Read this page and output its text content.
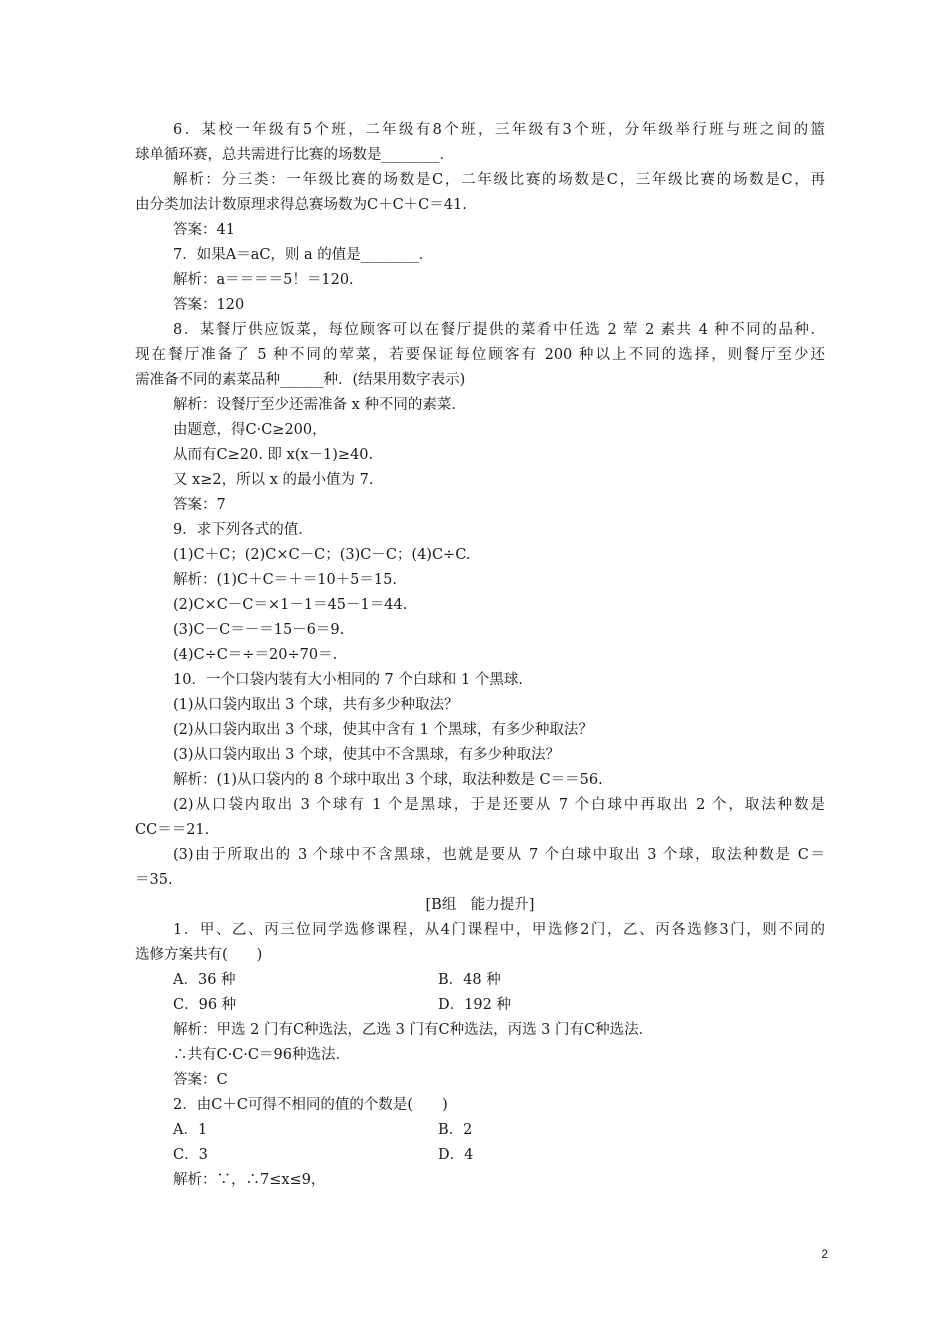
6．某校一年级有5个班，二年级有8个班，三年级有3个班，分年级举行班与班之间的篮
球单循环赛，总共需进行比赛的场数是________．
解析：分三类：一年级比赛的场数是C，二年级比赛的场数是C，三年级比赛的场数是C，再
由分类加法计数原理求得总赛场数为C＋C＋C＝41.
答案：41
7．如果A＝aC，则 a 的值是________．
解析：a＝＝＝＝5！＝120.
答案：120
8．某餐厅供应饭菜，每位顾客可以在餐厅提供的菜肴中任选 2 荤 2 素共 4 种不同的品种．
现在餐厅准备了 5 种不同的荤菜，若要保证每位顾客有 200 种以上不同的选择，则餐厅至少还
需准备不同的素菜品种______种．(结果用数字表示)
解析：设餐厅至少还需准备 x 种不同的素菜．
由题意，得C·C≥200，
从而有C≥20. 即 x(x－1)≥40.
又 x≥2，所以 x 的最小值为 7.
答案：7
9．求下列各式的值．
(1)C＋C；(2)C×C－C；(3)C－C；(4)C÷C.
解析：(1)C＋C＝＋＝10＋5＝15.
(2)C×C－C＝×1－1＝45－1＝44.
(3)C－C＝－＝15－6＝9.
(4)C÷C＝÷＝20÷70＝.
10．一个口袋内装有大小相同的 7 个白球和 1 个黑球．
(1)从口袋内取出 3 个球，共有多少种取法？
(2)从口袋内取出 3 个球，使其中含有 1 个黑球，有多少种取法？
(3)从口袋内取出 3 个球，使其中不含黑球，有多少种取法？
解析：(1)从口袋内的 8 个球中取出 3 个球，取法种数是 C＝＝56.
(2)从口袋内取出 3 个球有 1 个是黑球，于是还要从 7 个白球中再取出 2 个，取法种数是
CC＝＝21.
(3)由于所取出的 3 个球中不含黑球，也就是要从 7 个白球中取出 3 个球，取法种数是 C＝
＝35.
[B组　能力提升]
1．甲、乙、丙三位同学选修课程，从4门课程中，甲选修2门，乙、丙各选修3门，则不同的
选修方案共有(　　)
A．36 种	B．48 种
C．96 种	D．192 种
解析：甲选 2 门有C种选法，乙选 3 门有C种选法，丙选 3 门有C种选法．
∴共有C·C·C＝96种选法．
答案：C
2．由C＋C可得不相同的值的个数是(　　)
A．1	B．2
C．3	D．4
解析：∵，∴7≤x≤9，
2
